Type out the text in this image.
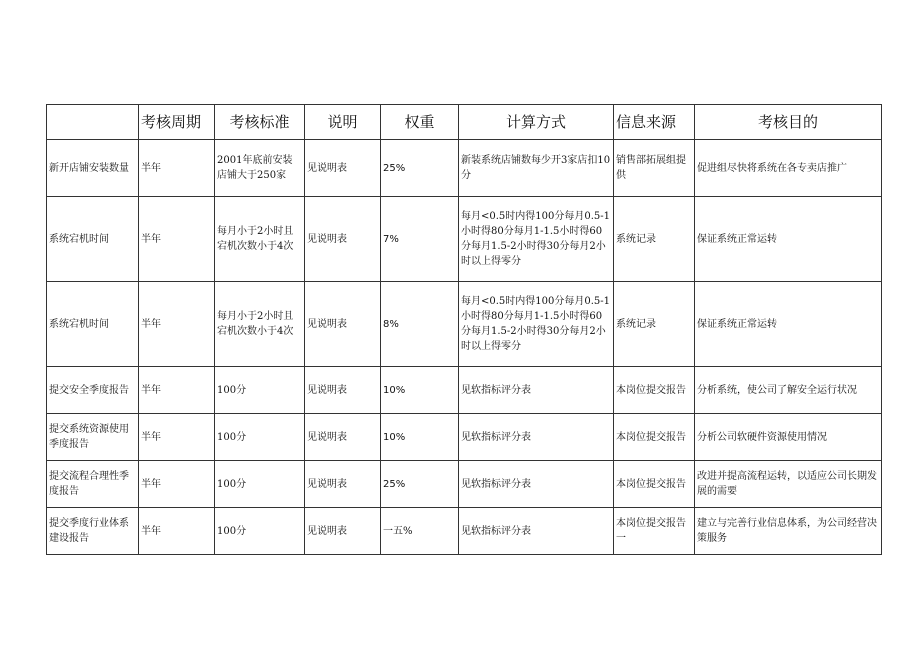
	考核周期	考核标准	说明	权重	计算方式	信息来源	考核目的
新开店铺安装数量	半年	2001年底前安装店铺大于250家	见说明表	25%	新装系统店铺数每少开3家店扣10分	销售部拓展组提供	促进组尽快将系统在各专卖店推广
系统宕机时间	半年	每月小于2小时且宕机次数小于4次	见说明表	7%	每月<0.5时内得100分每月0.5-1小时得80分每月1-1.5小时得60分每月1.5-2小时得30分每月2小时以上得零分	系统记录	保证系统正常运转
系统宕机时间	半年	每月小于2小时且宕机次数小于4次	见说明表	8%	每月<0.5时内得100分每月0.5-1小时得80分每月1-1.5小时得60分每月1.5-2小时得30分每月2小时以上得零分	系统记录	保证系统正常运转
提交安全季度报告	半年	100分	见说明表	10%	见软指标评分表	本岗位提交报告	分析系统，使公司了解安全运行状况
提交系统资源使用季度报告	半年	100分	见说明表	10%	见软指标评分表	本岗位提交报告	分析公司软硬件资源使用情况
提交流程合理性季度报告	半年	100分	见说明表	25%	见软指标评分表	本岗位提交报告	改进并提高流程运转，以适应公司长期发展的需要
提交季度行业体系建设报告	半年	100分	见说明表	一五%	见软指标评分表	本岗位提交报告一	建立与完善行业信息体系，为公司经营决策服务
